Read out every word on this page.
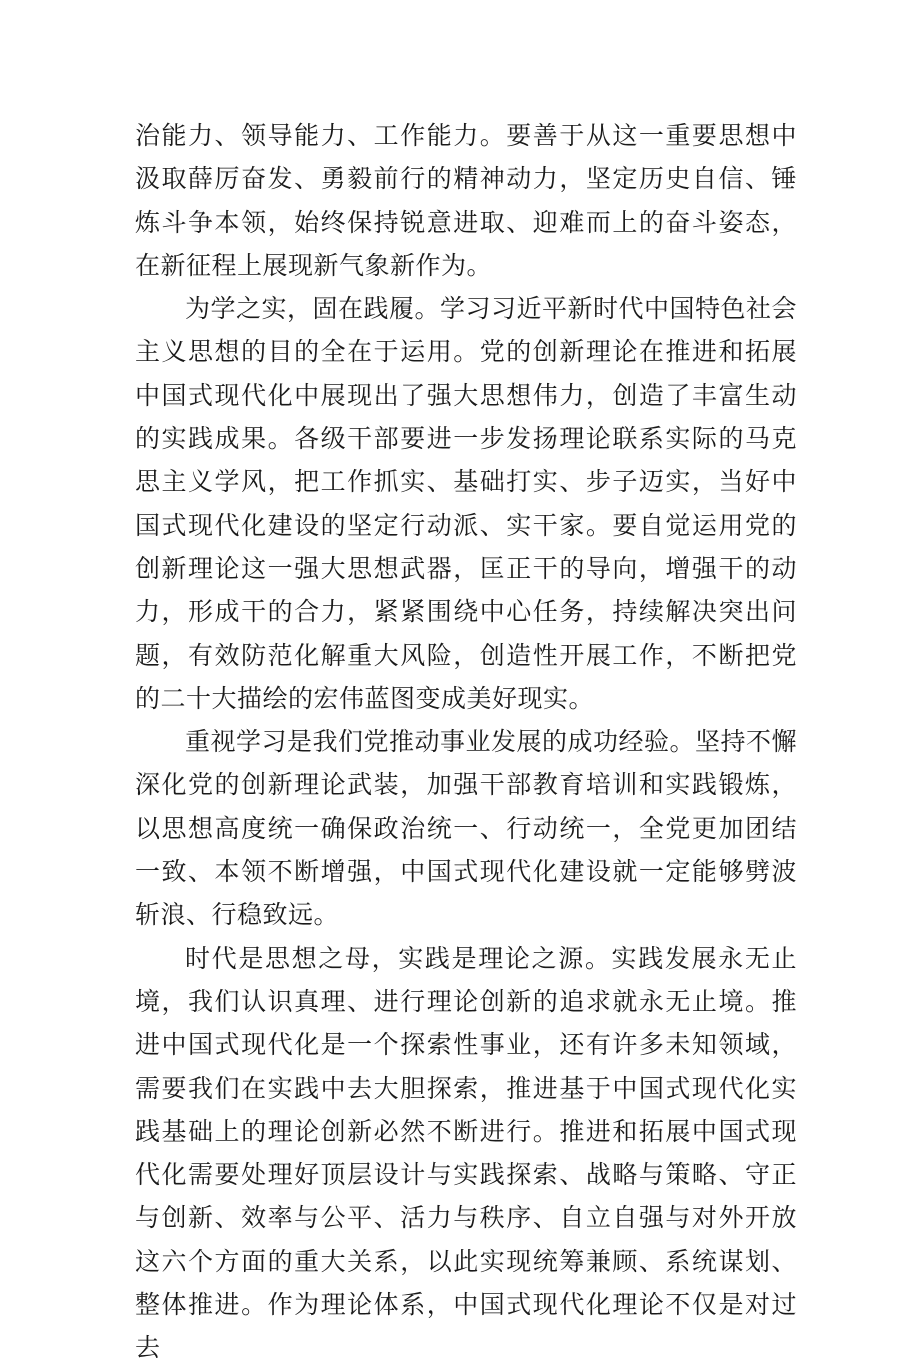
治能力、领导能力、工作能力。要善于从这一重要思想中汲取薛厉奋发、勇毅前行的精神动力，坚定历史自信、锤炼斗争本领，始终保持锐意进取、迎难而上的奋斗姿态，在新征程上展现新气象新作为。

为学之实，固在践履。学习习近平新时代中国特色社会主义思想的目的全在于运用。党的创新理论在推进和拓展中国式现代化中展现出了强大思想伟力，创造了丰富生动的实践成果。各级干部要进一步发扬理论联系实际的马克思主义学风，把工作抓实、基础打实、步子迈实，当好中国式现代化建设的坚定行动派、实干家。要自觉运用党的创新理论这一强大思想武器，匡正干的导向，增强干的动力，形成干的合力，紧紧围绕中心任务，持续解决突出问题，有效防范化解重大风险，创造性开展工作，不断把党的二十大描绘的宏伟蓝图变成美好现实。

重视学习是我们党推动事业发展的成功经验。坚持不懈深化党的创新理论武装，加强干部教育培训和实践锻炼，以思想高度统一确保政治统一、行动统一，全党更加团结一致、本领不断增强，中国式现代化建设就一定能够劈波斩浪、行稳致远。

时代是思想之母，实践是理论之源。实践发展永无止境，我们认识真理、进行理论创新的追求就永无止境。推进中国式现代化是一个探索性事业，还有许多未知领域，需要我们在实践中去大胆探索，推进基于中国式现代化实践基础上的理论创新必然不断进行。推进和拓展中国式现代化需要处理好顶层设计与实践探索、战略与策略、守正与创新、效率与公平、活力与秩序、自立自强与对外开放这六个方面的重大关系，以此实现统筹兼顾、系统谋划、整体推进。作为理论体系，中国式现代化理论不仅是对过去
